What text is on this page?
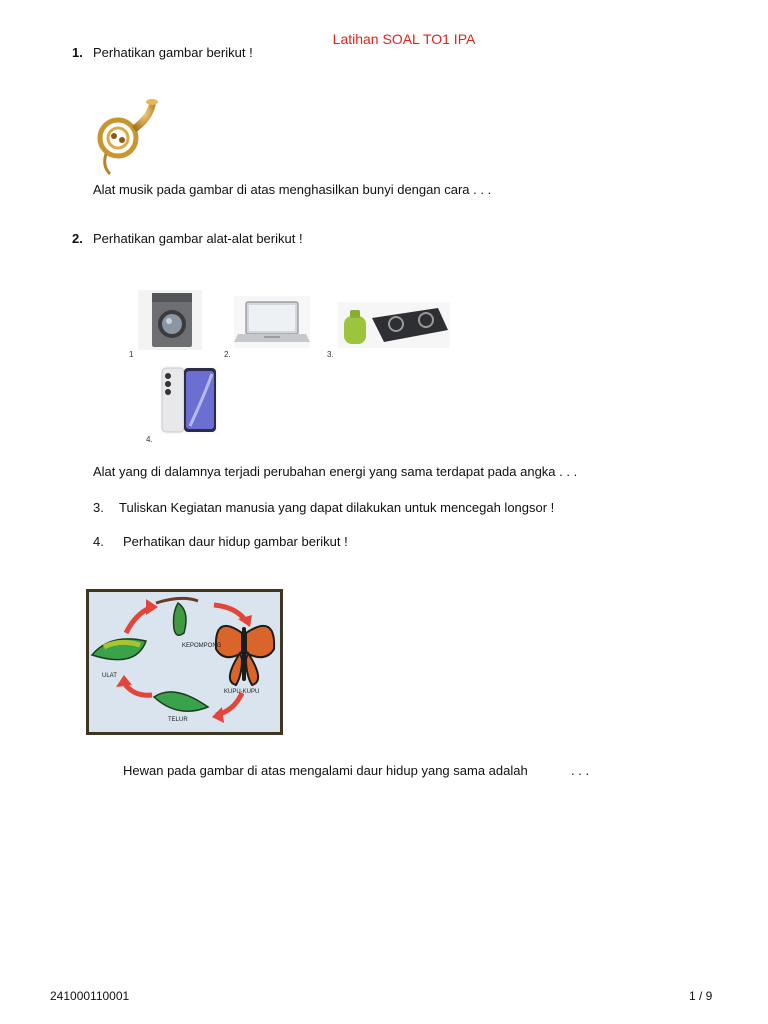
Latihan SOAL TO1 IPA
1. Perhatikan gambar berikut !
Alat musik pada gambar di atas menghasilkan bunyi dengan cara . . .
2. Perhatikan gambar alat-alat berikut !
1	2.	3.
4.
Alat yang di dalamnya terjadi perubahan energi yang sama terdapat pada angka . . .
3. Tuliskan Kegiatan manusia yang dapat dilakukan untuk mencegah longsor !
4. Perhatikan daur hidup gambar berikut !
KEPOMPONG
ULAT
KUPU-KUPU
TELUR
Hewan pada gambar di atas mengalami daur hidup yang sama adalah	. . .
241000110001	1 / 9
